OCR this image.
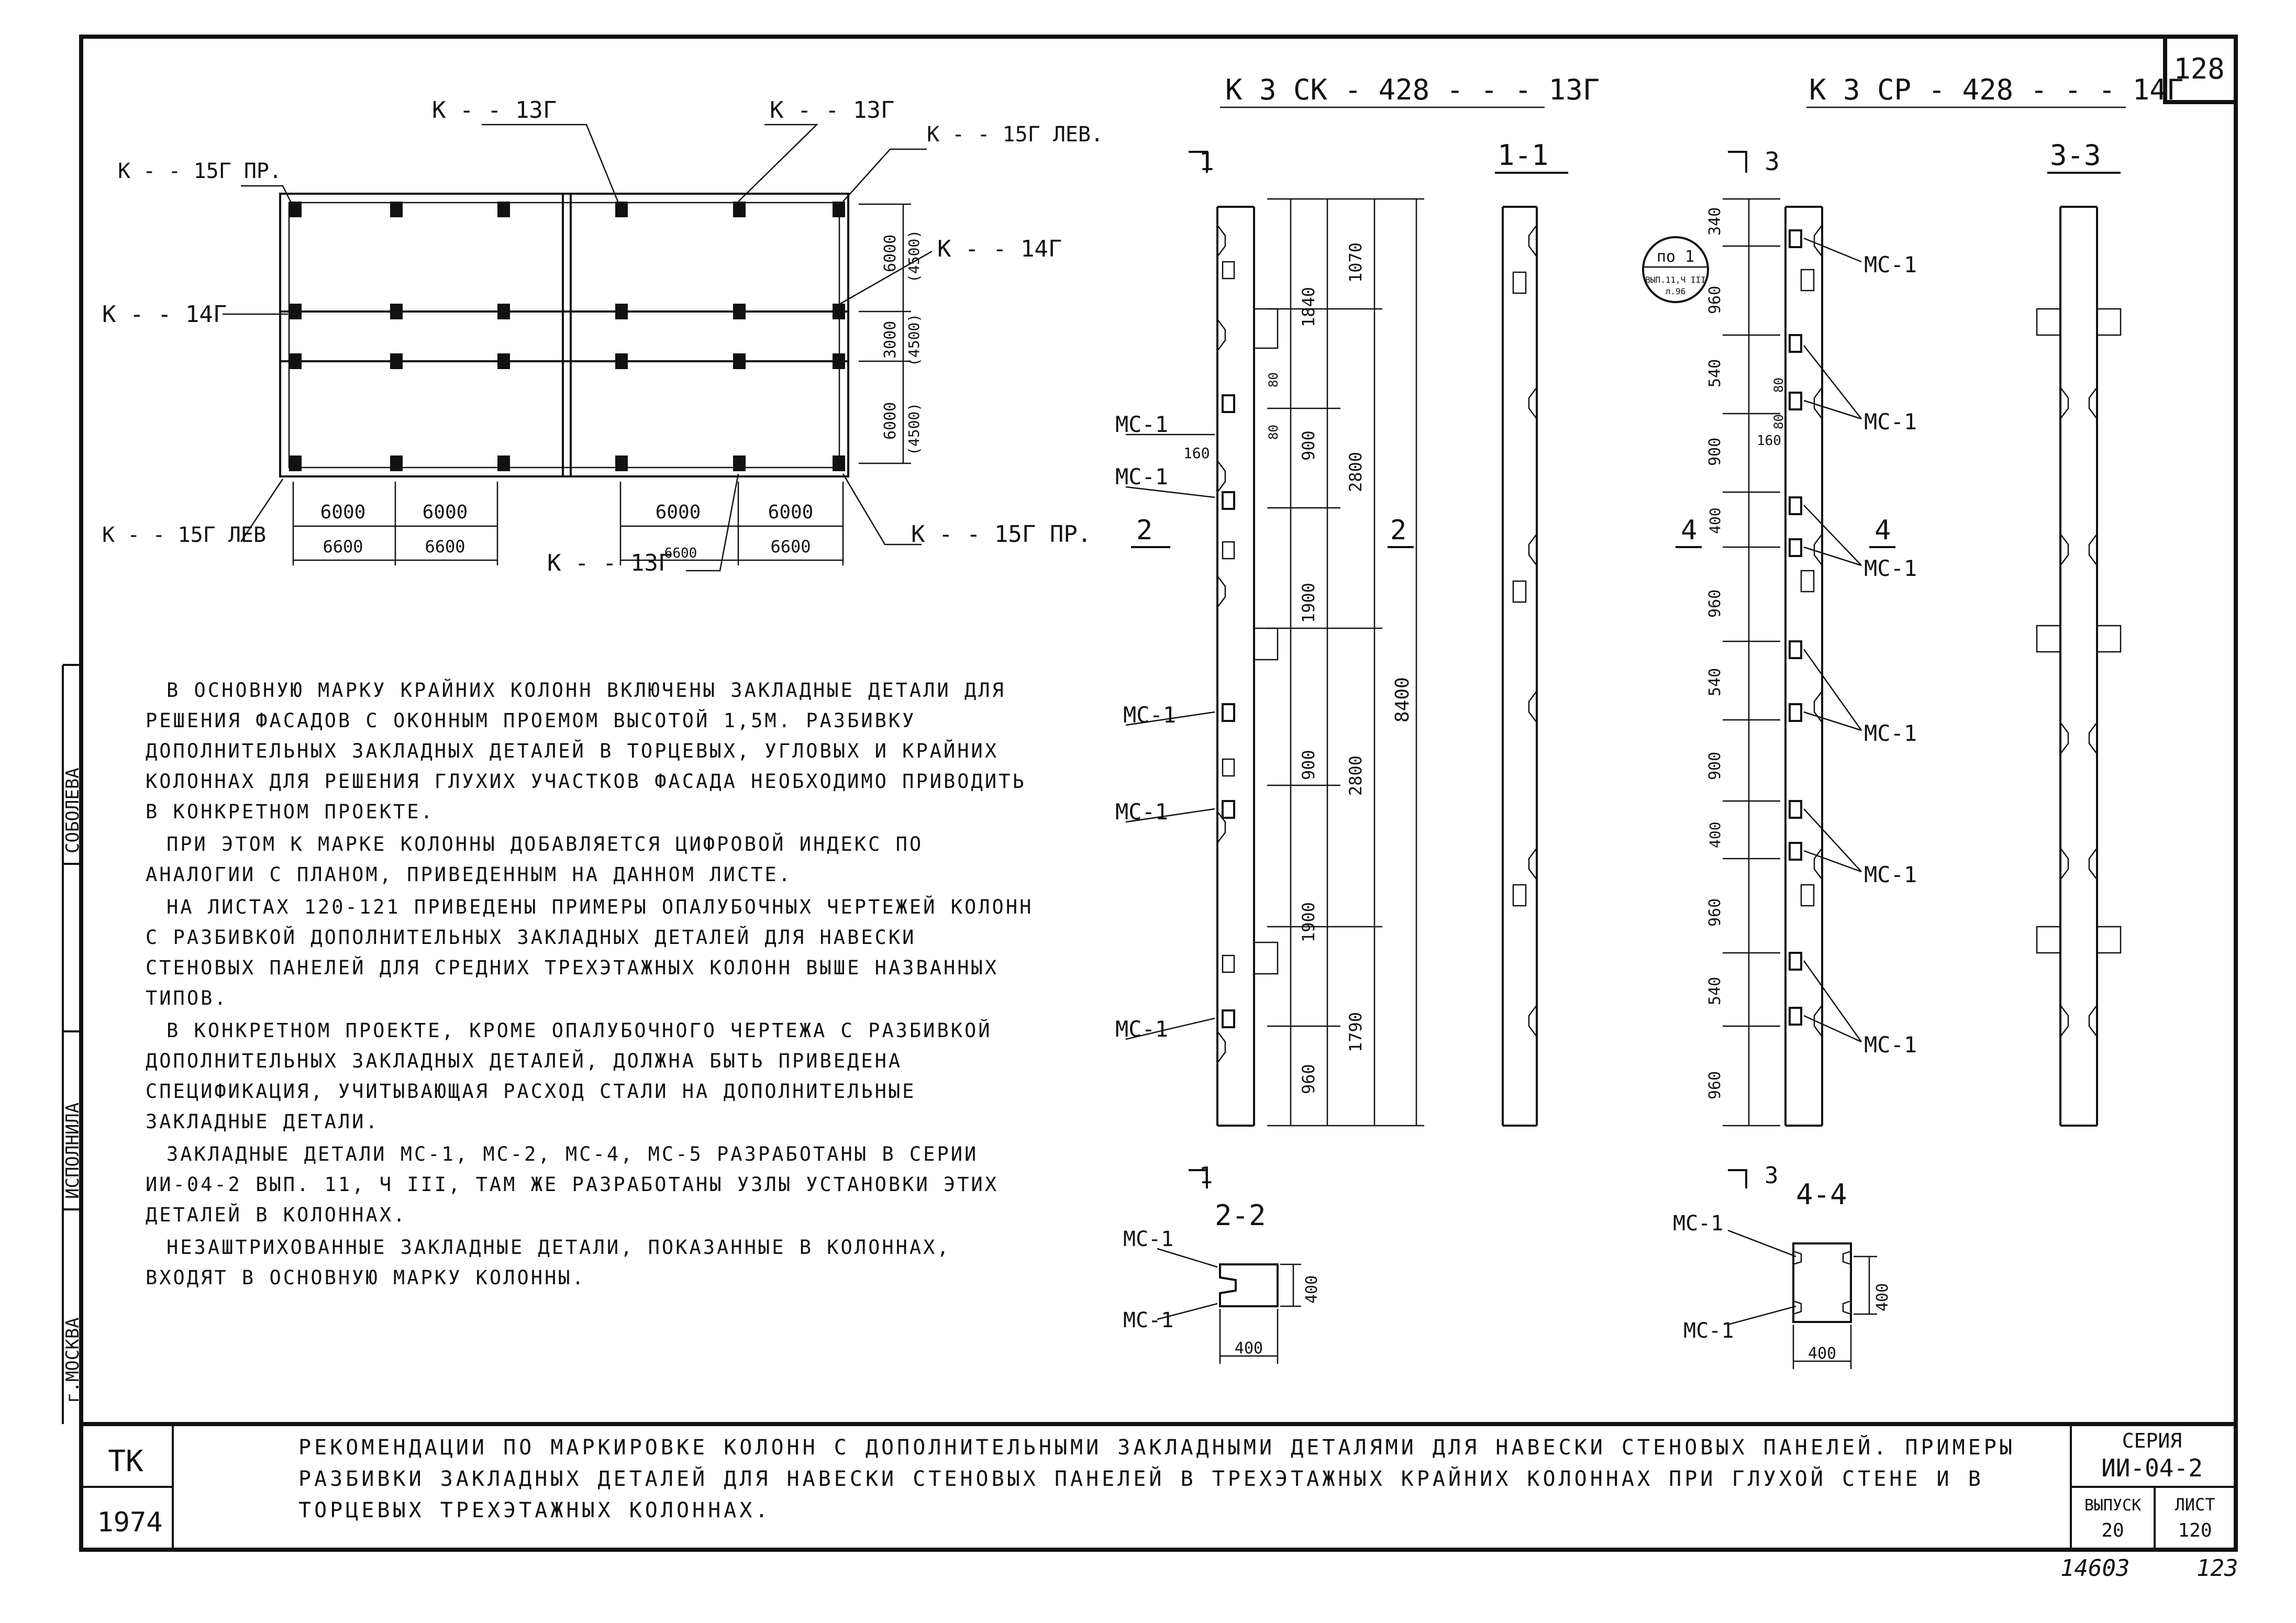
128
г.МОСКВА
ИСПОЛНИЛА
СОБОЛЕВА
К - - 15Г ПР.
К - - 13Г	К - - 13Г
К - - 15Г ЛЕВ.
К - - 14Г
К - - 14Г
К - - 15Г ЛЕВ	К - - 15Г ПР.
К - - 13Г
6000	6000	6000	6000
6600	6600	6600	6600
6000 (4500)
3000 (4500)
6000 (4500)
К З СК - 428 - - - 13Г
1
1
1-1
2	2
МС-1
МС-1
МС-1
МС-1
МС-1
160
80
80
1840
900
1900
900
1900
960
1070
2800
2800
1790
8400
К З СР - 428 - - - 14Г
3
3
3-3
4	4
по 1
ВЫП.11,Ч III
л.96
МС-1
МС-1
МС-1
МС-1
МС-1
МС-1
80
80
160
340
960
540
900
400
960
540
900
400
960
540
960
2-2
МС-1
МС-1
400
400
4-4
МС-1
МС-1
400
400
ТК
1974
СЕРИЯ
ИИ-04-2
ВЫПУСК
20
ЛИСТ
120
14603	123

В ОСНОВНУЮ МАРКУ КРАЙНИХ КОЛОНН ВКЛЮЧЕНЫ ЗАКЛАДНЫЕ ДЕТАЛИ ДЛЯ РЕШЕНИЯ ФАСАДОВ С ОКОННЫМ ПРОЕМОМ ВЫСОТОЙ 1,5М. РАЗБИВКУ ДОПОЛНИТЕЛЬНЫХ ЗАКЛАДНЫХ ДЕТАЛЕЙ В ТОРЦЕВЫХ, УГЛОВЫХ И КРАЙНИХ КОЛОННАХ ДЛЯ РЕШЕНИЯ ГЛУХИХ УЧАСТКОВ ФАСАДА НЕОБХОДИМО ПРИВОДИТЬ В КОНКРЕТНОМ ПРОЕКТЕ.

ПРИ ЭТОМ К МАРКЕ КОЛОННЫ ДОБАВЛЯЕТСЯ ЦИФРОВОЙ ИНДЕКС ПО АНАЛОГИИ С ПЛАНОМ, ПРИВЕДЕННЫМ НА ДАННОМ ЛИСТЕ.

НА ЛИСТАХ 120-121 ПРИВЕДЕНЫ ПРИМЕРЫ ОПАЛУБОЧНЫХ ЧЕРТЕЖЕЙ КОЛОНН С РАЗБИВКОЙ ДОПОЛНИТЕЛЬНЫХ ЗАКЛАДНЫХ ДЕТАЛЕЙ ДЛЯ НАВЕСКИ СТЕНОВЫХ ПАНЕЛЕЙ ДЛЯ СРЕДНИХ ТРЕХЭТАЖНЫХ КОЛОНН ВЫШЕ НАЗВАННЫХ ТИПОВ.

В КОНКРЕТНОМ ПРОЕКТЕ, КРОМЕ ОПАЛУБОЧНОГО ЧЕРТЕЖА С РАЗБИВКОЙ ДОПОЛНИТЕЛЬНЫХ ЗАКЛАДНЫХ ДЕТАЛЕЙ, ДОЛЖНА БЫТЬ ПРИВЕДЕНА СПЕЦИФИКАЦИЯ, УЧИТЫВАЮЩАЯ РАСХОД СТАЛИ НА ДОПОЛНИТЕЛЬНЫЕ ЗАКЛАДНЫЕ ДЕТАЛИ.

ЗАКЛАДНЫЕ ДЕТАЛИ МС-1, МС-2, МС-4, МС-5 РАЗРАБОТАНЫ В СЕРИИ ИИ-04-2 ВЫП. 11, Ч III, ТАМ ЖЕ РАЗРАБОТАНЫ УЗЛЫ УСТАНОВКИ ЭТИХ ДЕТАЛЕЙ В КОЛОННАХ.

НЕЗАШТРИХОВАННЫЕ ЗАКЛАДНЫЕ ДЕТАЛИ, ПОКАЗАННЫЕ В КОЛОННАХ, ВХОДЯТ В ОСНОВНУЮ МАРКУ КОЛОННЫ.

РЕКОМЕНДАЦИИ ПО МАРКИРОВКЕ КОЛОНН С ДОПОЛНИТЕЛЬНЫМИ ЗАКЛАДНЫМИ ДЕТАЛЯМИ ДЛЯ НАВЕСКИ СТЕНОВЫХ ПАНЕЛЕЙ. ПРИМЕРЫ РАЗБИВКИ ЗАКЛАДНЫХ ДЕТАЛЕЙ ДЛЯ НАВЕСКИ СТЕНОВЫХ ПАНЕЛЕЙ В ТРЕХЭТАЖНЫХ КРАЙНИХ КОЛОННАХ ПРИ ГЛУХОЙ СТЕНЕ И В ТОРЦЕВЫХ ТРЕХЭТАЖНЫХ КОЛОННАХ.
